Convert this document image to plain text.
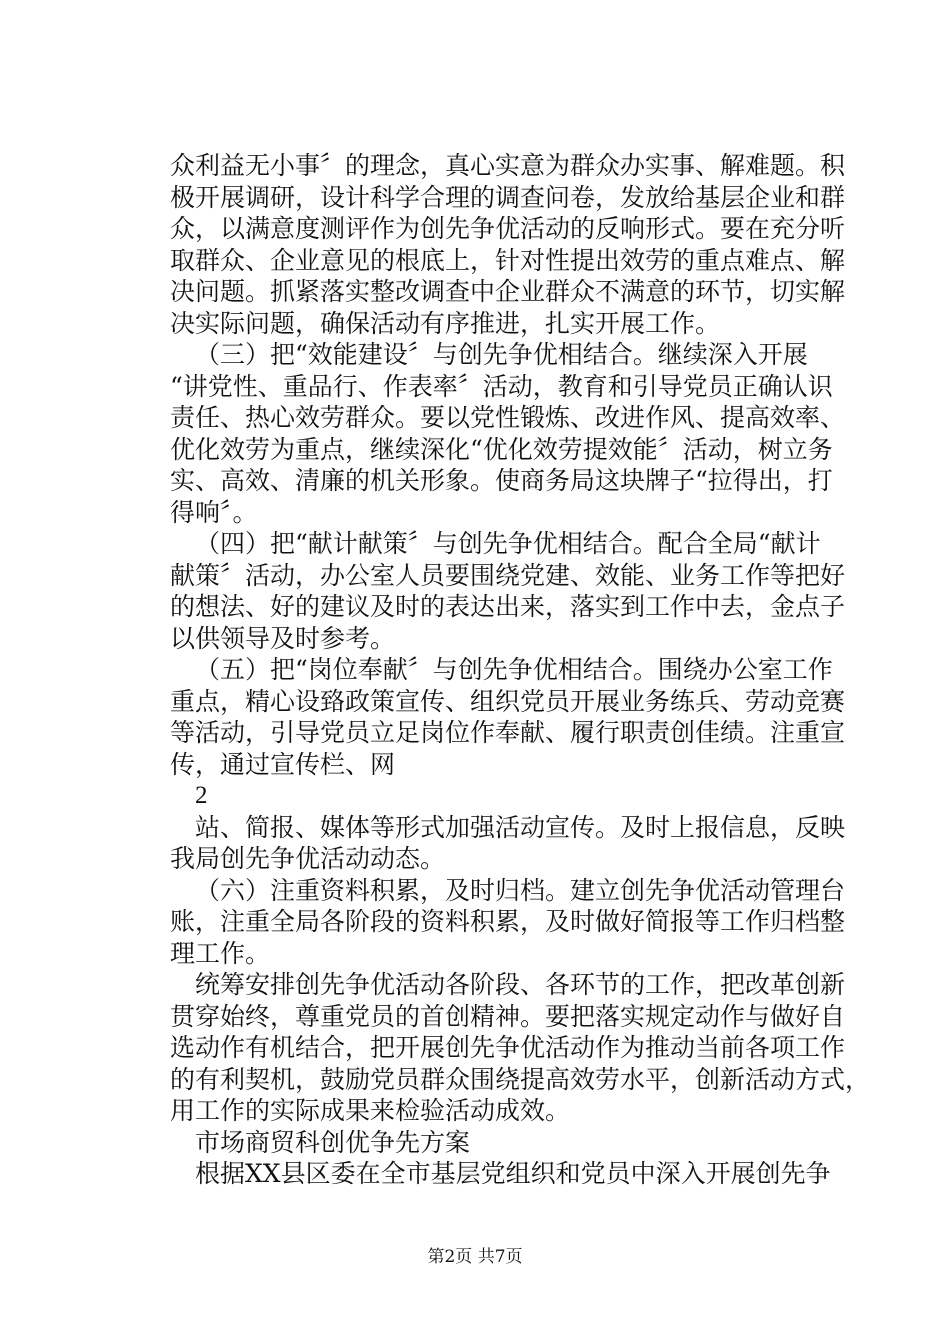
众利益无小事〞的理念，真心实意为群众办实事、解难题。积
极开展调研，设计科学合理的调查问卷，发放给基层企业和群
众，以满意度测评作为创先争优活动的反响形式。要在充分听
取群众、企业意见的根底上，针对性提出效劳的重点难点、解
决问题。抓紧落实整改调查中企业群众不满意的环节，切实解
决实际问题，确保活动有序推进，扎实开展工作。
（三）把“效能建设〞与创先争优相结合。继续深入开展
“讲党性、重品行、作表率〞活动，教育和引导党员正确认识
责任、热心效劳群众。要以党性锻炼、改进作风、提高效率、
优化效劳为重点，继续深化“优化效劳提效能〞活动，树立务
实、高效、清廉的机关形象。使商务局这块牌子“拉得出，打
得响〞。
（四）把“献计献策〞与创先争优相结合。配合全局“献计
献策〞活动，办公室人员要围绕党建、效能、业务工作等把好
的想法、好的建议及时的表达出来，落实到工作中去，金点子
以供领导及时参考。
（五）把“岗位奉献〞与创先争优相结合。围绕办公室工作
重点，精心设臵政策宣传、组织党员开展业务练兵、劳动竞赛
等活动，引导党员立足岗位作奉献、履行职责创佳绩。注重宣
传，通过宣传栏、网
2
站、简报、媒体等形式加强活动宣传。及时上报信息，反映
我局创先争优活动动态。
（六）注重资料积累，及时归档。建立创先争优活动管理台
账，注重全局各阶段的资料积累，及时做好简报等工作归档整
理工作。
统筹安排创先争优活动各阶段、各环节的工作，把改革创新
贯穿始终，尊重党员的首创精神。要把落实规定动作与做好自
选动作有机结合，把开展创先争优活动作为推动当前各项工作
的有利契机，鼓励党员群众围绕提高效劳水平，创新活动方式，
用工作的实际成果来检验活动成效。
市场商贸科创优争先方案
根据XX县区委在全市基层党组织和党员中深入开展创先争
第2页 共7页
